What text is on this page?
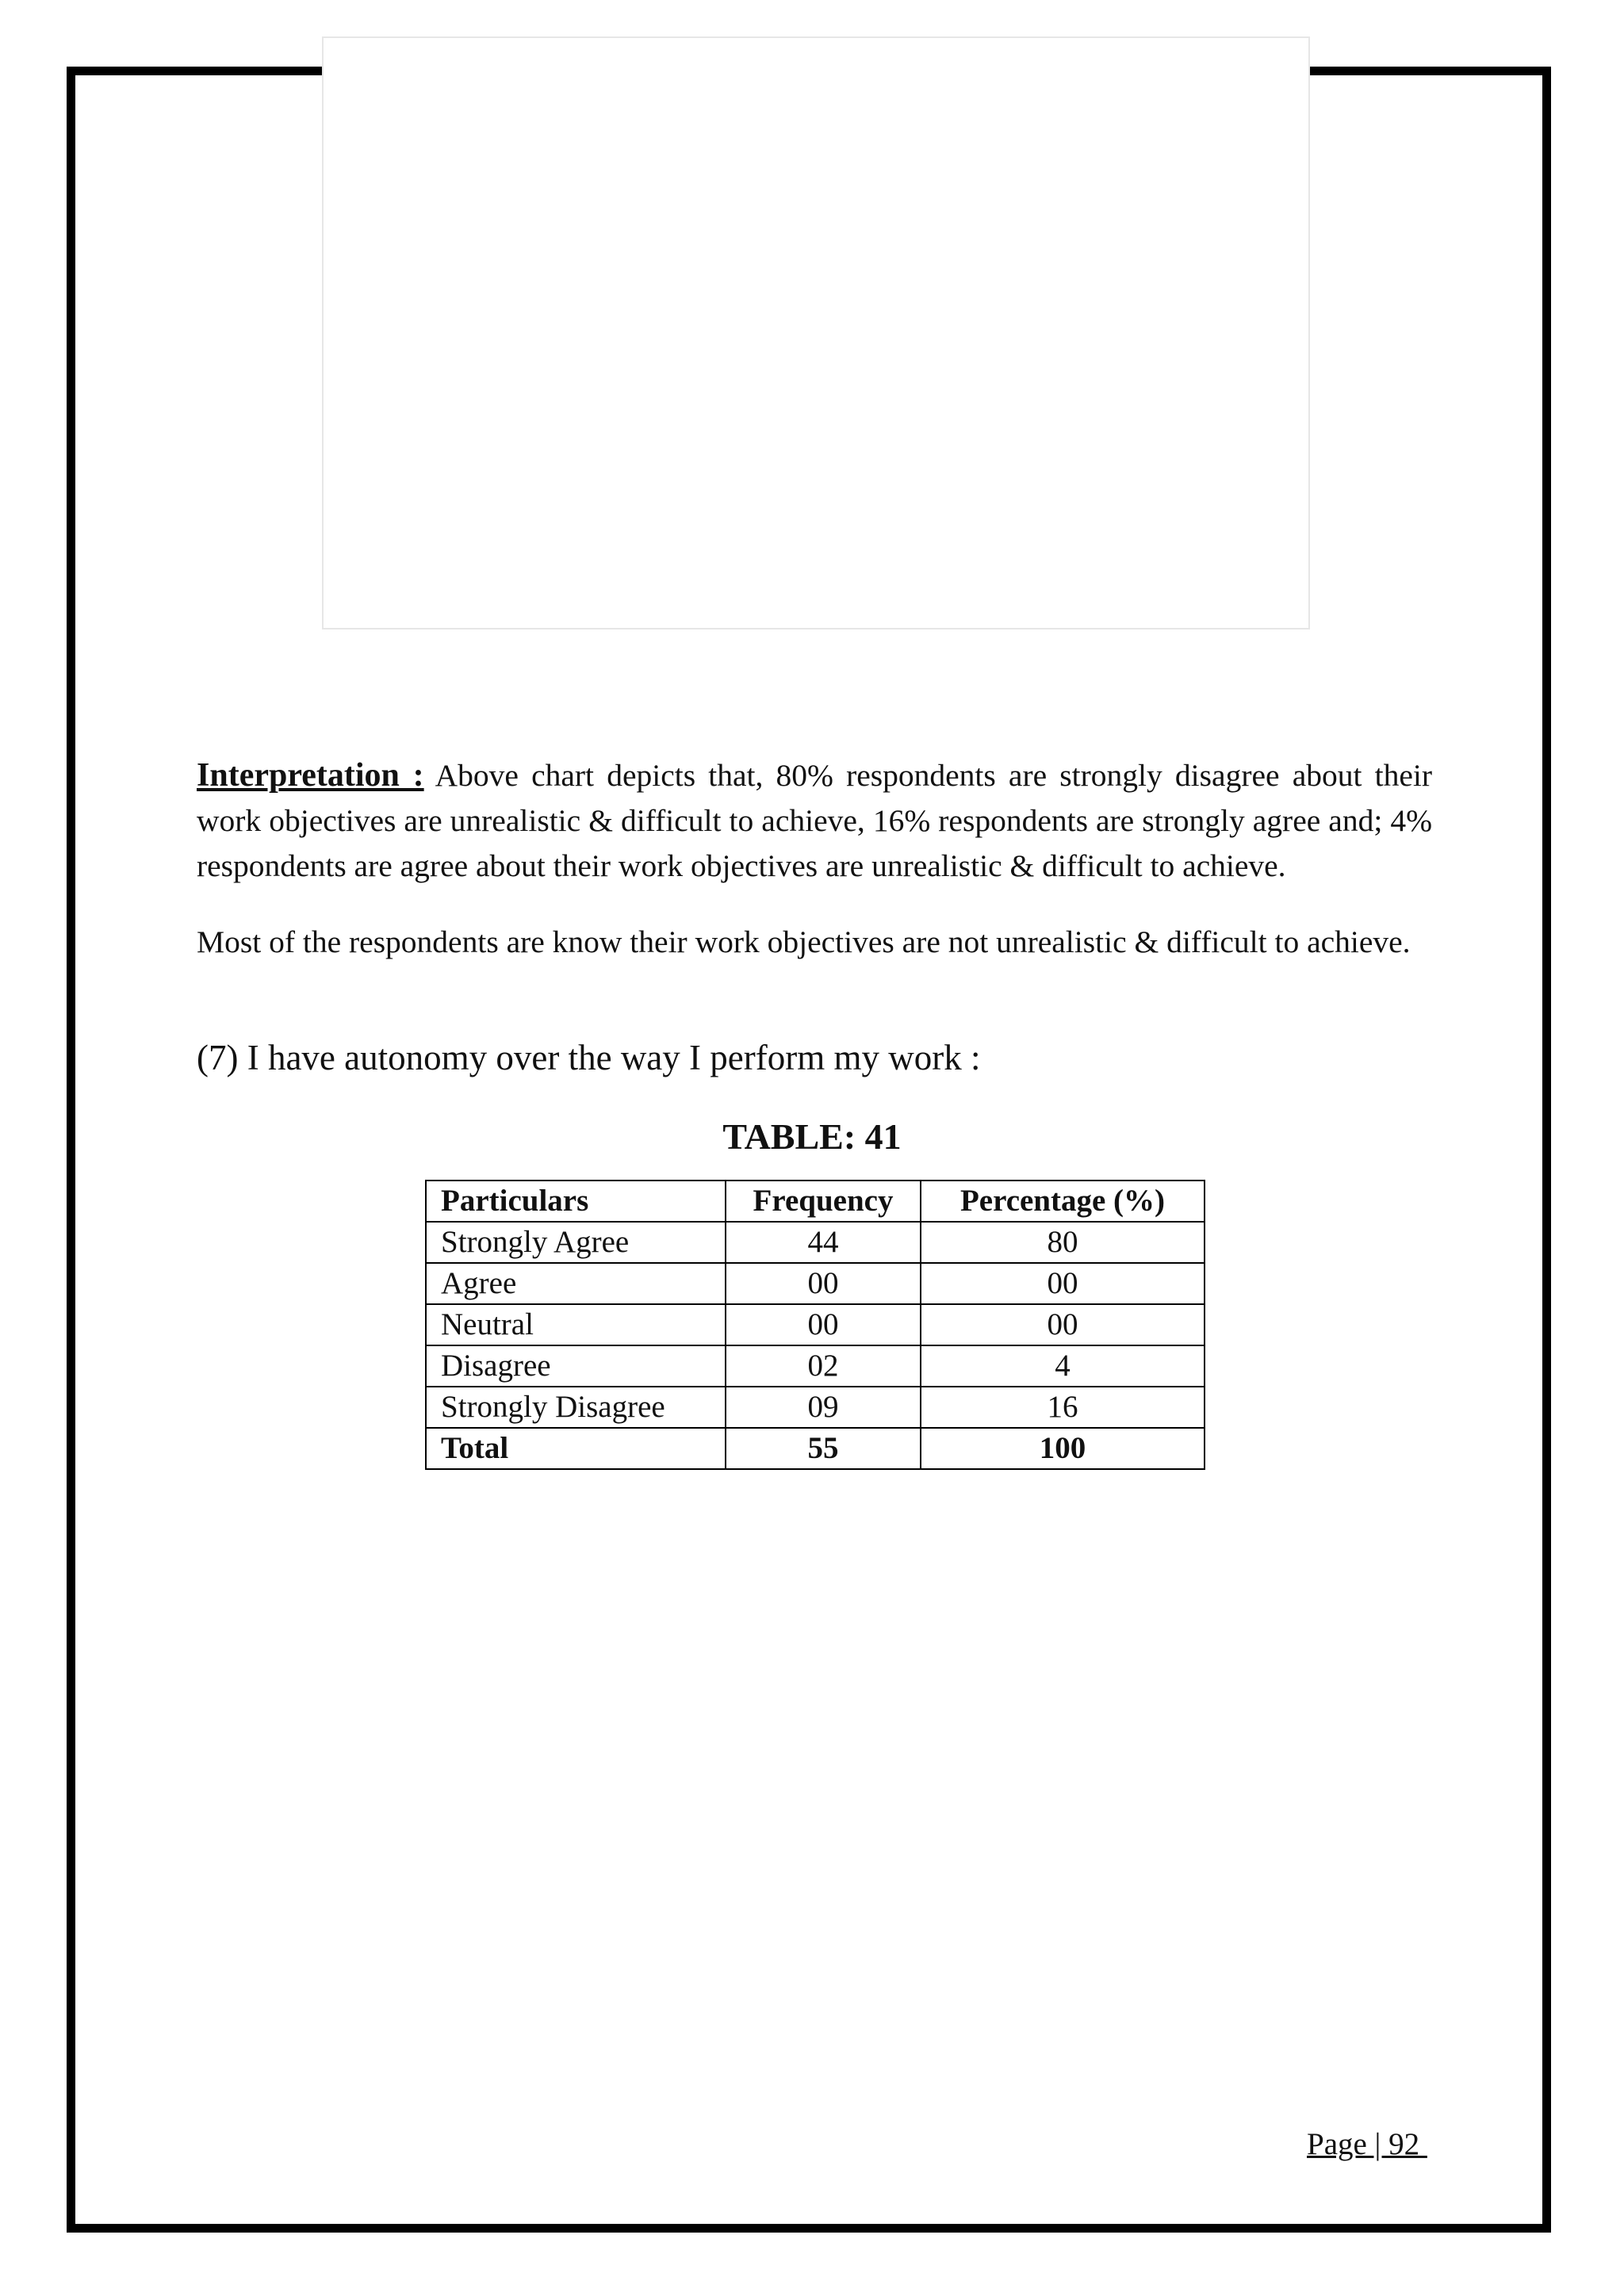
Interpretation : Above chart depicts that, 80% respondents are strongly disagree about their work objectives are unrealistic & difficult to achieve, 16% respondents are strongly agree and; 4% respondents are agree about their work objectives are unrealistic & difficult to achieve.

Most of the respondents are know their work objectives are not unrealistic & difficult to achieve.

(7) I have autonomy over the way I perform my work :

TABLE: 41

Particulars	Frequency	Percentage (%)
Strongly Agree	44	80
Agree	00	00
Neutral	00	00
Disagree	02	4
Strongly Disagree	09	16
Total	55	100
Page | 92
